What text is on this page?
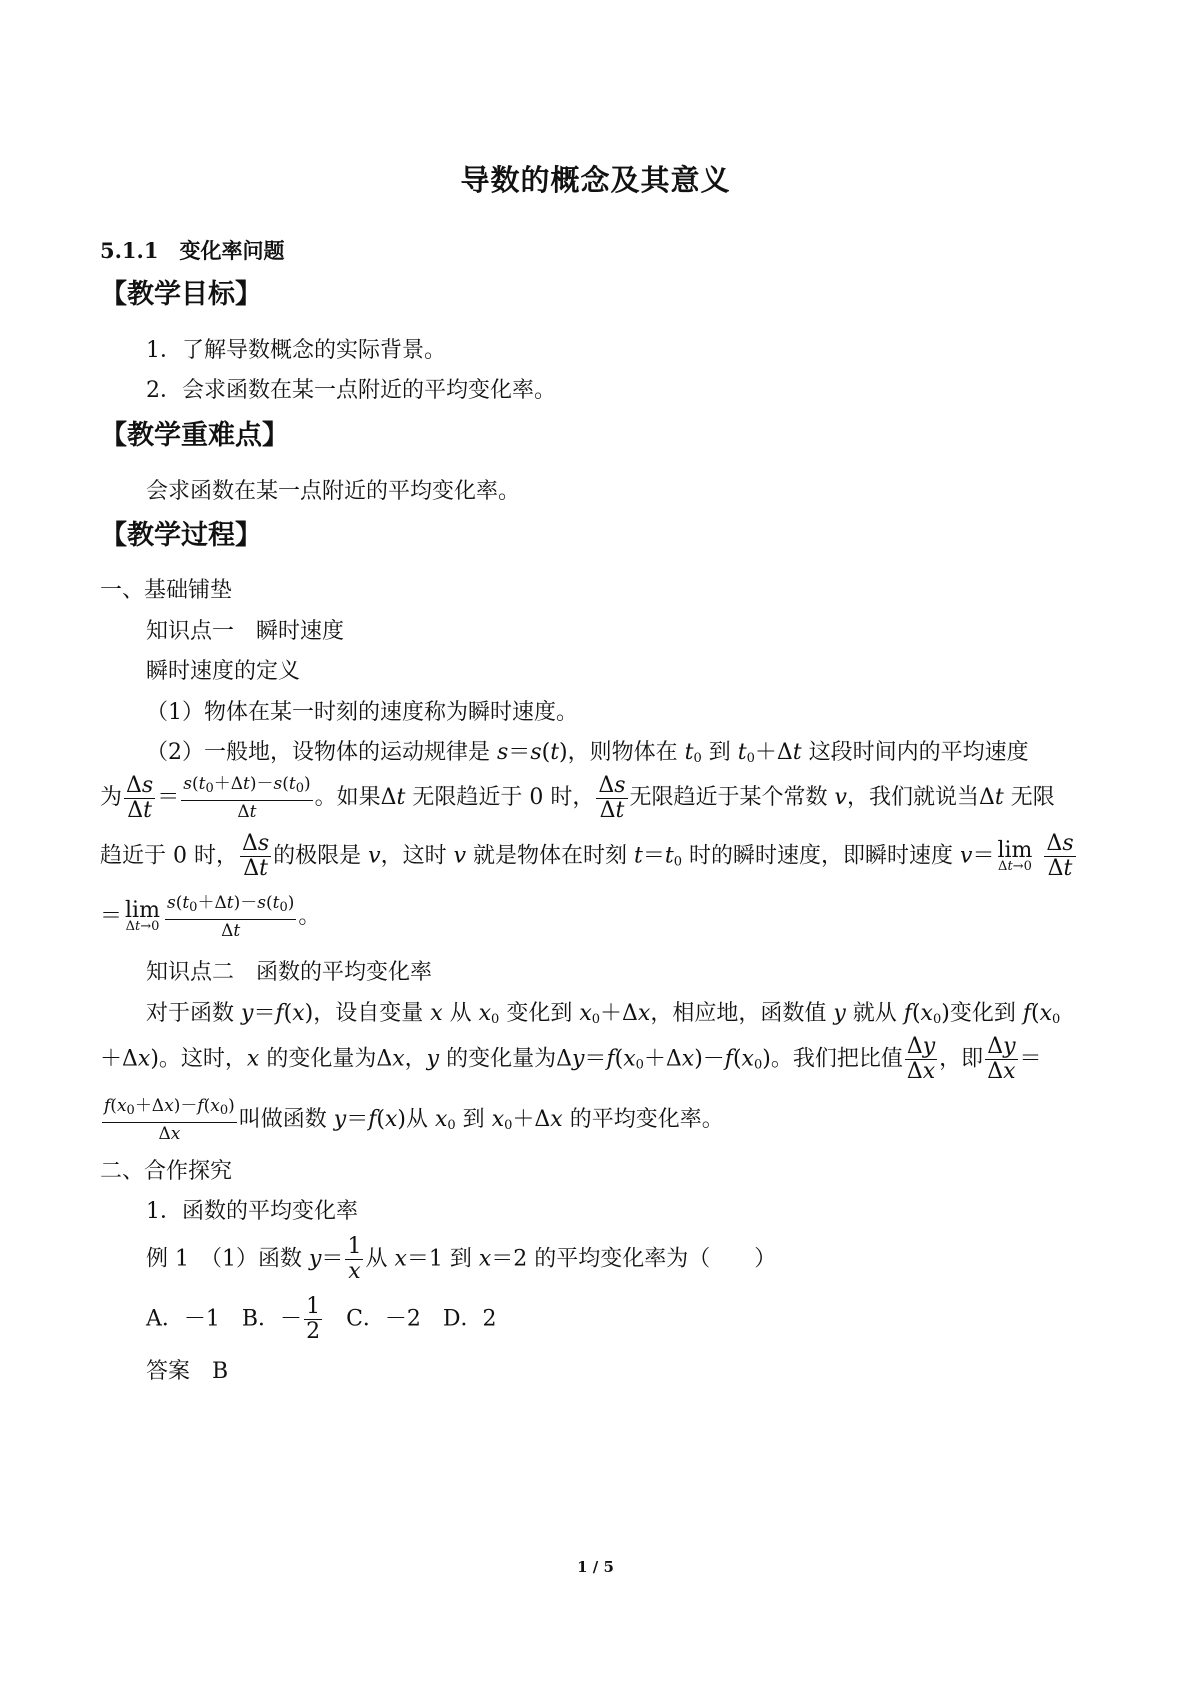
导数的概念及其意义
5.1.1　变化率问题
【教学目标】
1．了解导数概念的实际背景。
2．会求函数在某一点附近的平均变化率。
【教学重难点】
会求函数在某一点附近的平均变化率。
【教学过程】
一、基础铺垫
知识点一　瞬时速度
瞬时速度的定义
（1）物体在某一时刻的速度称为瞬时速度。
（2）一般地，设物体的运动规律是 s＝s(t)，则物体在 $t_0$ 到 $t_0+\Delta t$ 这段时间内的平均速度
为 $\frac{\Delta s}{\Delta t} = \frac{s(t_0+\Delta t)-s(t_0)}{\Delta t}$ 。如果Δt 无限趋近于 0 时， $\frac{\Delta s}{\Delta t}$ 无限趋近于某个常数 v，我们就说当Δt 无限
趋近于 0 时， $\frac{\Delta s}{\Delta t}$ 的极限是 v，这时 v 就是物体在时刻 $t=t_0$ 时的瞬时速度，即瞬时速度 v＝ lim
Δt→0
$\frac{\Delta s}{\Delta t}$
＝ lim
$\Delta t\to 0 \frac{s(t_0+\Delta t)-s(t_0)}{\Delta t}$ 。
知识点二　函数的平均变化率
对于函数 y＝f(x)，设自变量 x 从 $x_0$ 变化到 $x_0+\Delta x$，相应地，函数值 y 就从 $f(x_0)$变化到 $f(x_0$
＋Δx)。这时，x 的变化量为Δx，y 的变化量为$\Delta y=f(x_0+\Delta x)-f(x_0)$。我们把比值 $\frac{\Delta y}{\Delta x}$ ，即 $\frac{\Delta y}{\Delta x}$ ＝
$\frac{f(x_0+\Delta x)-f(x_0)}{\Delta x}$ 叫做函数 y＝f(x)从 $x_0$ 到 $x_0+\Delta x$ 的平均变化率。
二、合作探究
1．函数的平均变化率
例 1　（1）函数 $y= \frac{1}{x}$ 从 x＝1 到 x＝2 的平均变化率为（　　）
A．－1　B．－ $\frac{1}{2}$ 　C．－2　D．2
答案　B
1 / 5
